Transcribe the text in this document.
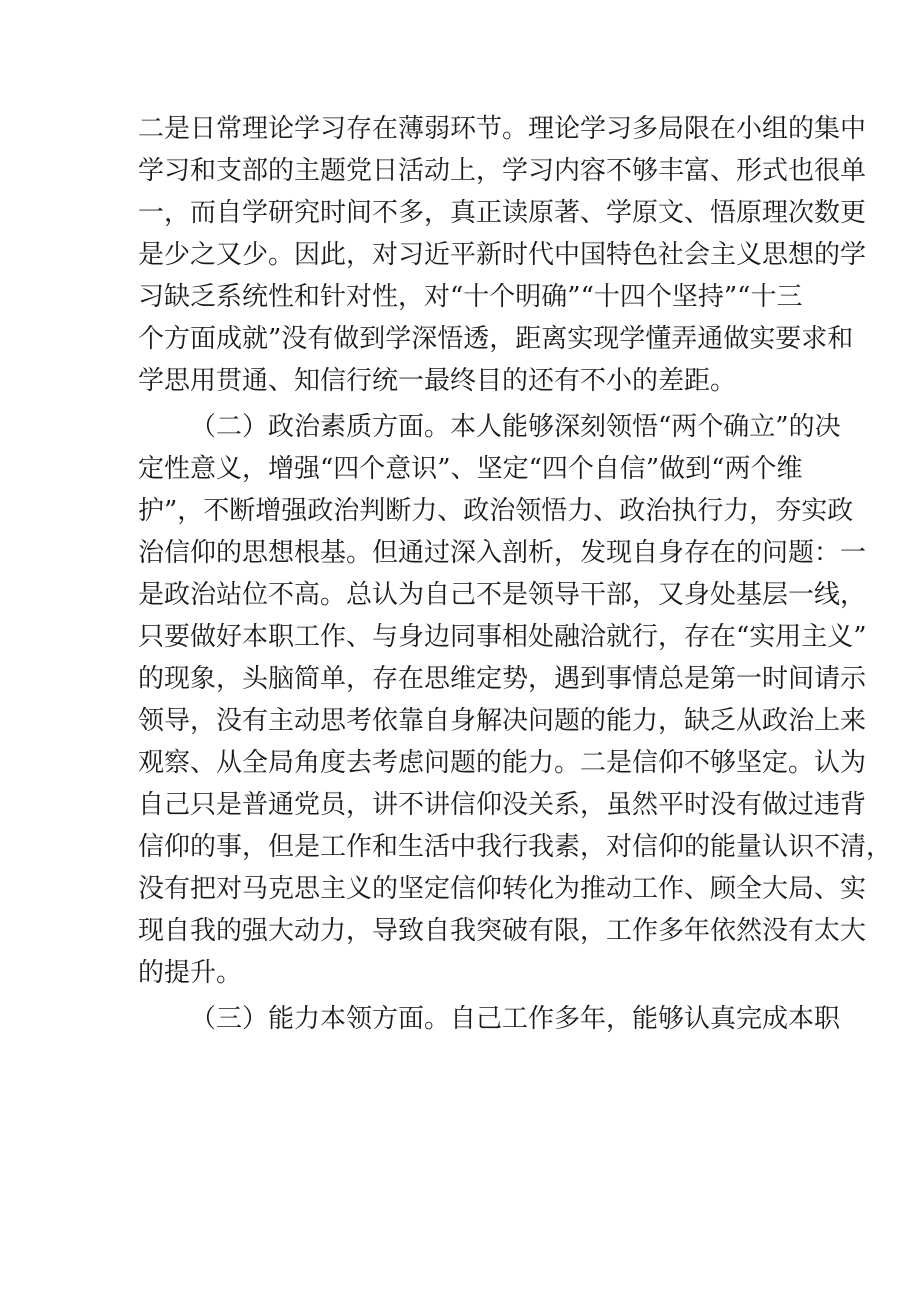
二是日常理论学习存在薄弱环节。理论学习多局限在小组的集中
学习和支部的主题党日活动上，学习内容不够丰富、形式也很单
一，而自学研究时间不多，真正读原著、学原文、悟原理次数更
是少之又少。因此，对习近平新时代中国特色社会主义思想的学
习缺乏系统性和针对性，对“十个明确”“十四个坚持”“十三
个方面成就”没有做到学深悟透，距离实现学懂弄通做实要求和
学思用贯通、知信行统一最终目的还有不小的差距。
（二）政治素质方面。本人能够深刻领悟“两个确立”的决
定性意义，增强“四个意识”、坚定“四个自信”做到“两个维
护”，不断增强政治判断力、政治领悟力、政治执行力，夯实政
治信仰的思想根基。但通过深入剖析，发现自身存在的问题：一
是政治站位不高。总认为自己不是领导干部，又身处基层一线，
只要做好本职工作、与身边同事相处融洽就行，存在“实用主义”
的现象，头脑简单，存在思维定势，遇到事情总是第一时间请示
领导，没有主动思考依靠自身解决问题的能力，缺乏从政治上来
观察、从全局角度去考虑问题的能力。二是信仰不够坚定。认为
自己只是普通党员，讲不讲信仰没关系，虽然平时没有做过违背
信仰的事，但是工作和生活中我行我素，对信仰的能量认识不清，
没有把对马克思主义的坚定信仰转化为推动工作、顾全大局、实
现自我的强大动力，导致自我突破有限，工作多年依然没有太大
的提升。
（三）能力本领方面。自己工作多年，能够认真完成本职
